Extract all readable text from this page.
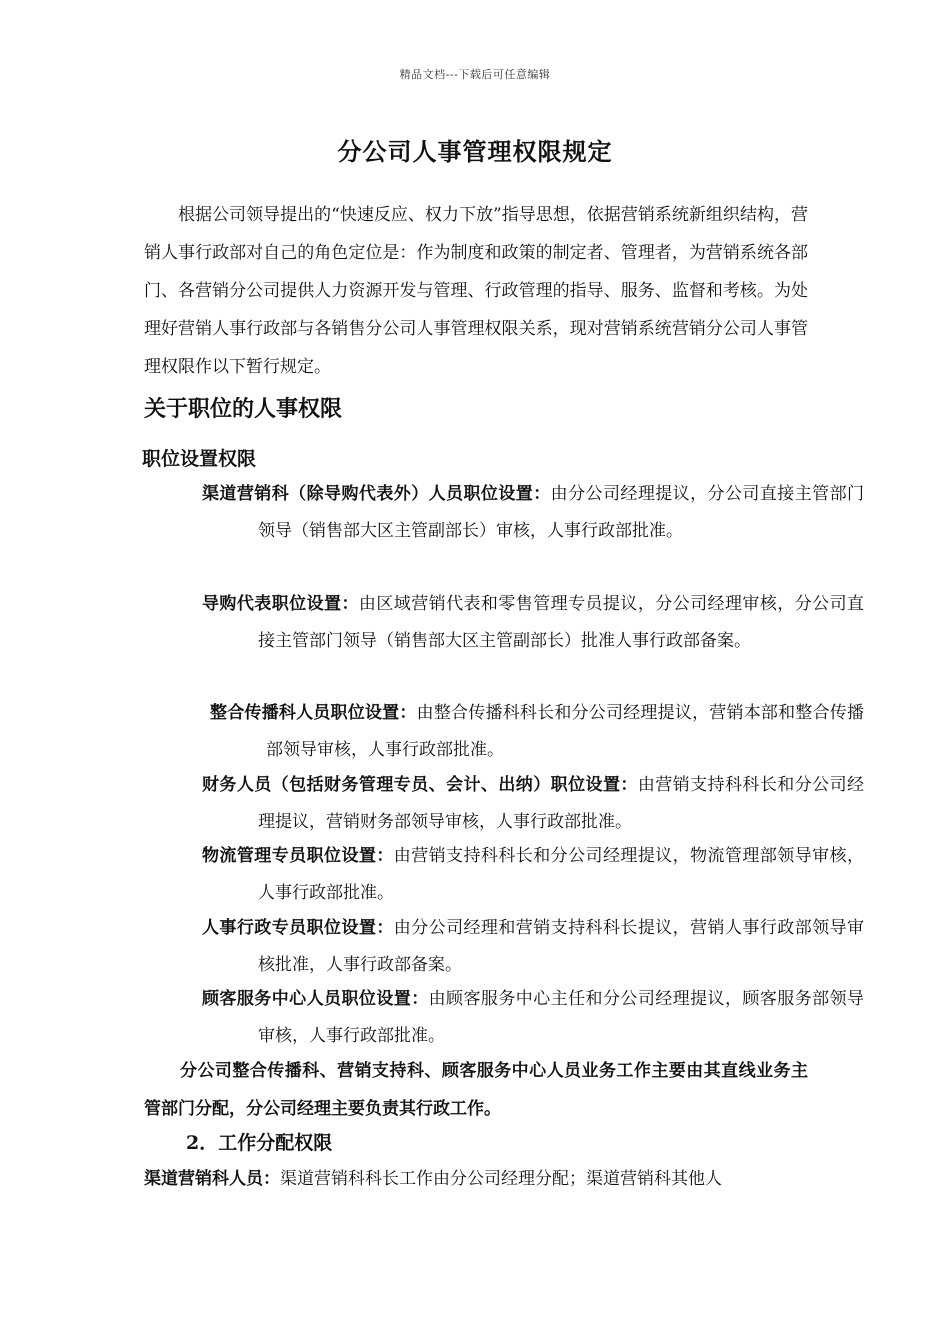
精品文档---下载后可任意编辑
分公司人事管理权限规定

根据公司领导提出的“快速反应、权力下放”指导思想，依据营销系统新组织结构，营销人事行政部对自己的角色定位是：作为制度和政策的制定者、管理者，为营销系统各部门、各营销分公司提供人力资源开发与管理、行政管理的指导、服务、监督和考核。为处理好营销人事行政部与各销售分公司人事管理权限关系，现对营销系统营销分公司人事管理权限作以下暂行规定。

关于职位的人事权限
职位设置权限

渠道营销科（除导购代表外）人员职位设置：由分公司经理提议，分公司直接主管部门领导（销售部大区主管副部长）审核，人事行政部批准。

导购代表职位设置：由区域营销代表和零售管理专员提议，分公司经理审核，分公司直接主管部门领导（销售部大区主管副部长）批准人事行政部备案。

整合传播科人员职位设置：由整合传播科科长和分公司经理提议，营销本部和整合传播部领导审核，人事行政部批准。

财务人员（包括财务管理专员、会计、出纳）职位设置：由营销支持科科长和分公司经理提议，营销财务部领导审核，人事行政部批准。

物流管理专员职位设置：由营销支持科科长和分公司经理提议，物流管理部领导审核，人事行政部批准。

人事行政专员职位设置：由分公司经理和营销支持科科长提议，营销人事行政部领导审核批准，人事行政部备案。

顾客服务中心人员职位设置：由顾客服务中心主任和分公司经理提议，顾客服务部领导审核，人事行政部批准。

分公司整合传播科、营销支持科、顾客服务中心人员业务工作主要由其直线业务主管部门分配，分公司经理主要负责其行政工作。

2．工作分配权限

渠道营销科人员：渠道营销科科长工作由分公司经理分配；渠道营销科其他人
